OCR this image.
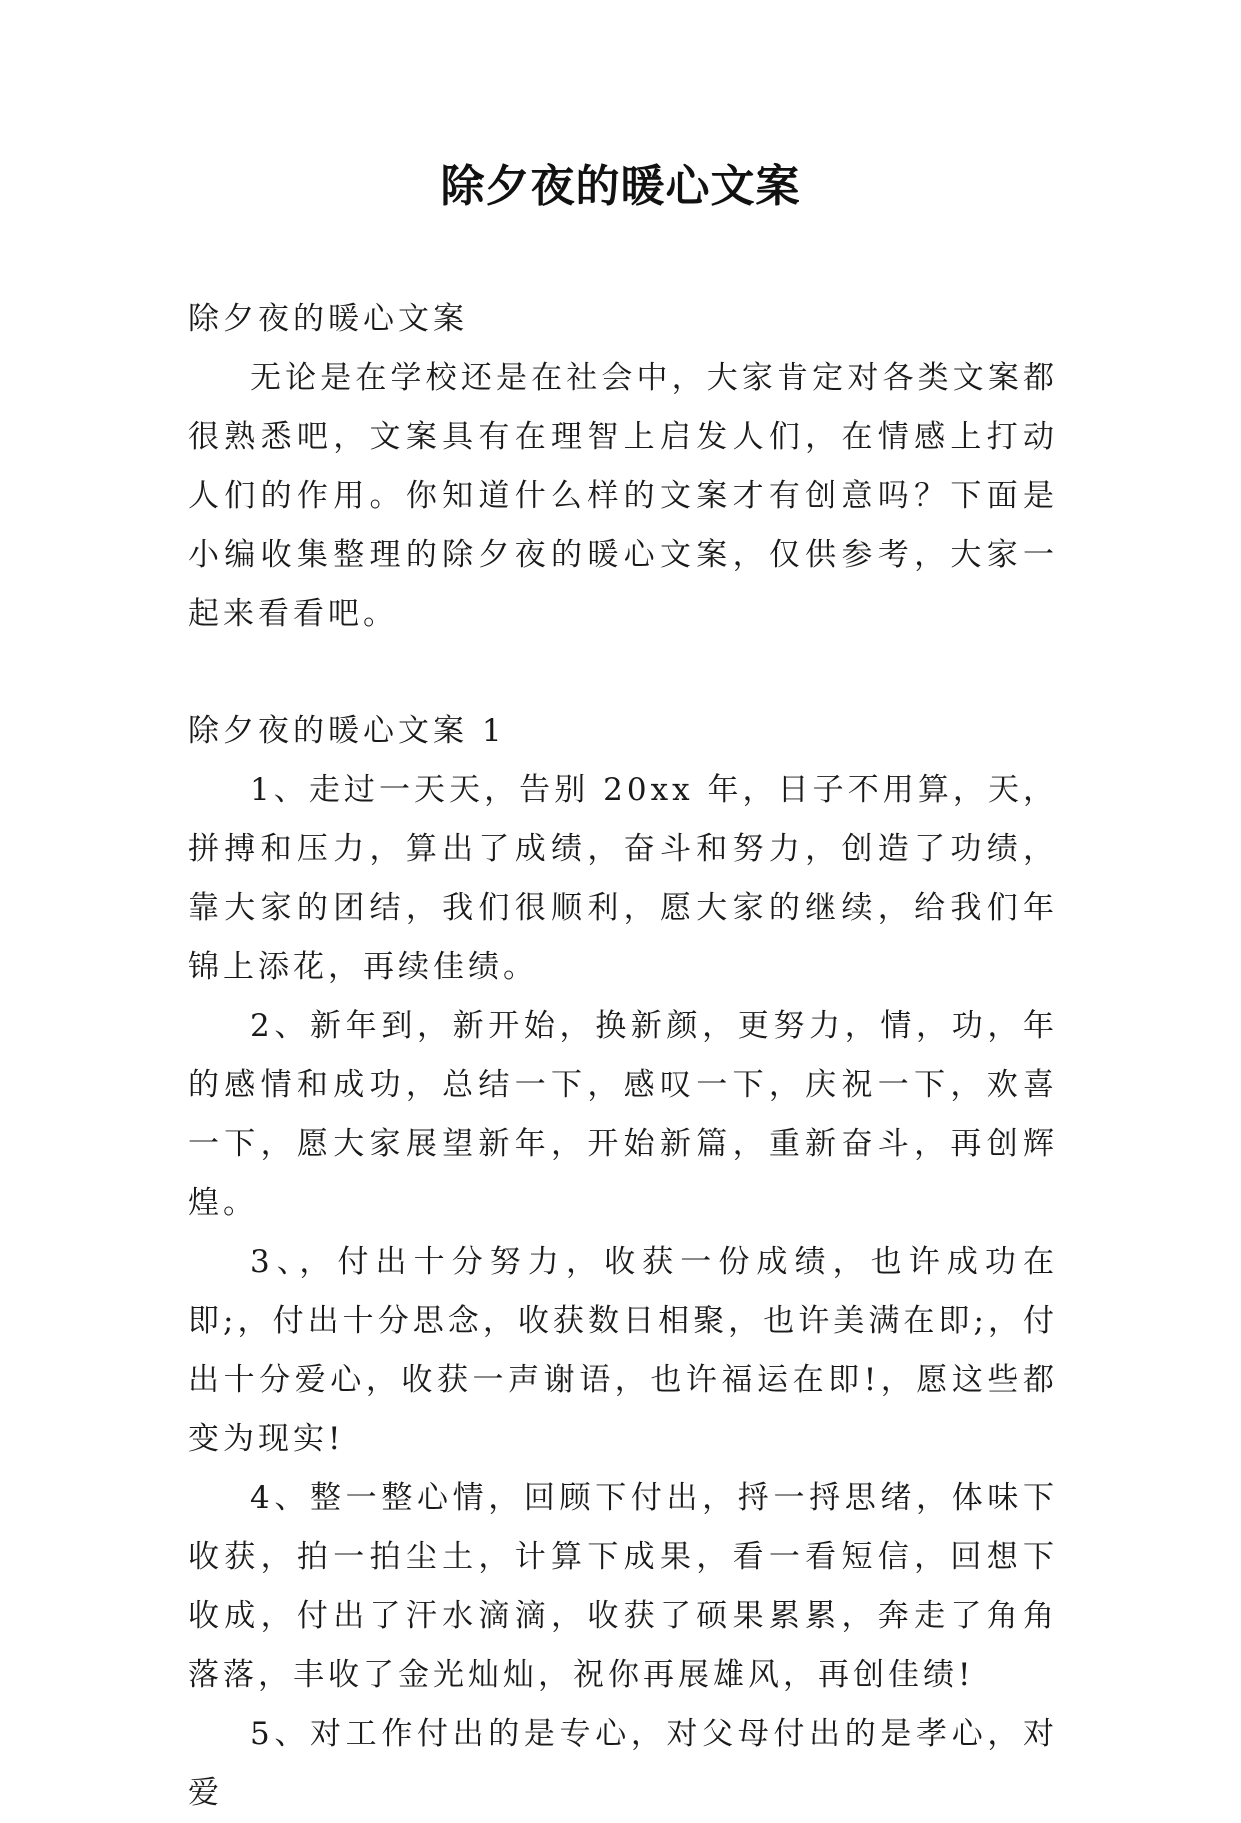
除夕夜的暖心文案

除夕夜的暖心文案

无论是在学校还是在社会中，大家肯定对各类文案都很熟悉吧，文案具有在理智上启发人们，在情感上打动人们的作用。你知道什么样的文案才有创意吗？下面是小编收集整理的除夕夜的暖心文案，仅供参考，大家一起来看看吧。

除夕夜的暖心文案 1

1、走过一天天，告别 20xx 年，日子不用算，天，拼搏和压力，算出了成绩，奋斗和努力，创造了功绩，靠大家的团结，我们很顺利，愿大家的继续，给我们年锦上添花，再续佳绩。

2、新年到，新开始，换新颜，更努力，情，功，年的感情和成功，总结一下，感叹一下，庆祝一下，欢喜一下，愿大家展望新年，开始新篇，重新奋斗，再创辉煌。

3、，付出十分努力，收获一份成绩，也许成功在即;，付出十分思念，收获数日相聚，也许美满在即;，付出十分爱心，收获一声谢语，也许福运在即!，愿这些都变为现实!

4、整一整心情，回顾下付出，捋一捋思绪，体味下收获，拍一拍尘土，计算下成果，看一看短信，回想下收成，付出了汗水滴滴，收获了硕果累累，奔走了角角落落，丰收了金光灿灿，祝你再展雄风，再创佳绩!

5、对工作付出的是专心，对父母付出的是孝心，对爱
